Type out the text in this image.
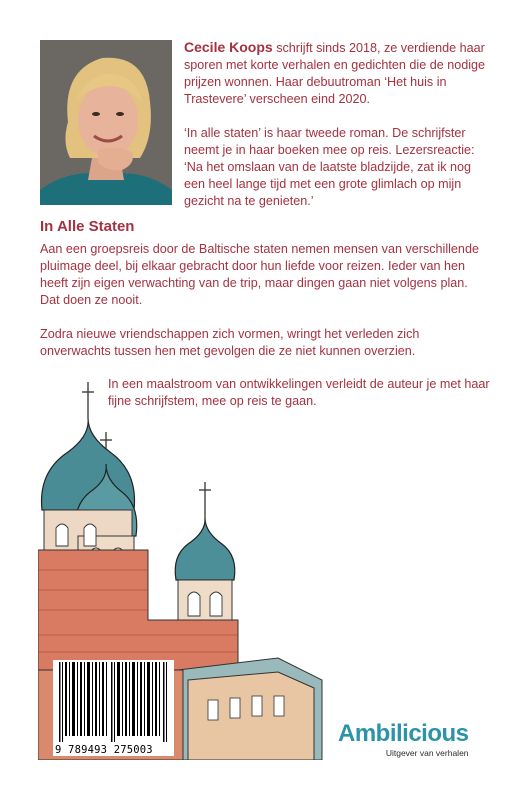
Cecile Koops schrijft sinds 2018, ze verdiende haar sporen met korte verhalen en gedichten die de nodige prijzen wonnen. Haar debuutroman ‘Het huis in Trastevere’ verscheen eind 2020.

‘In alle staten’ is haar tweede roman. De schrijfster neemt je in haar boeken mee op reis. Lezersreactie: ‘Na het omslaan van de laatste bladzijde, zat ik nog een heel lange tijd met een grote glimlach op mijn gezicht na te genieten.’

In Alle Staten

Aan een groepsreis door de Baltische staten nemen mensen van verschillende pluimage deel, bij elkaar gebracht door hun liefde voor reizen. Ieder van hen heeft zijn eigen verwachting van de trip, maar dingen gaan niet volgens plan. Dat doen ze nooit.

Zodra nieuwe vriendschappen zich vormen, wringt het verleden zich onverwachts tussen hen met gevolgen die ze niet kunnen overzien.

In een maalstroom van ontwikkelingen verleidt de auteur je met haar fijne schrijfstem, mee op reis te gaan.
9 789493 275003
Ambilicious
Uitgever van verhalen
